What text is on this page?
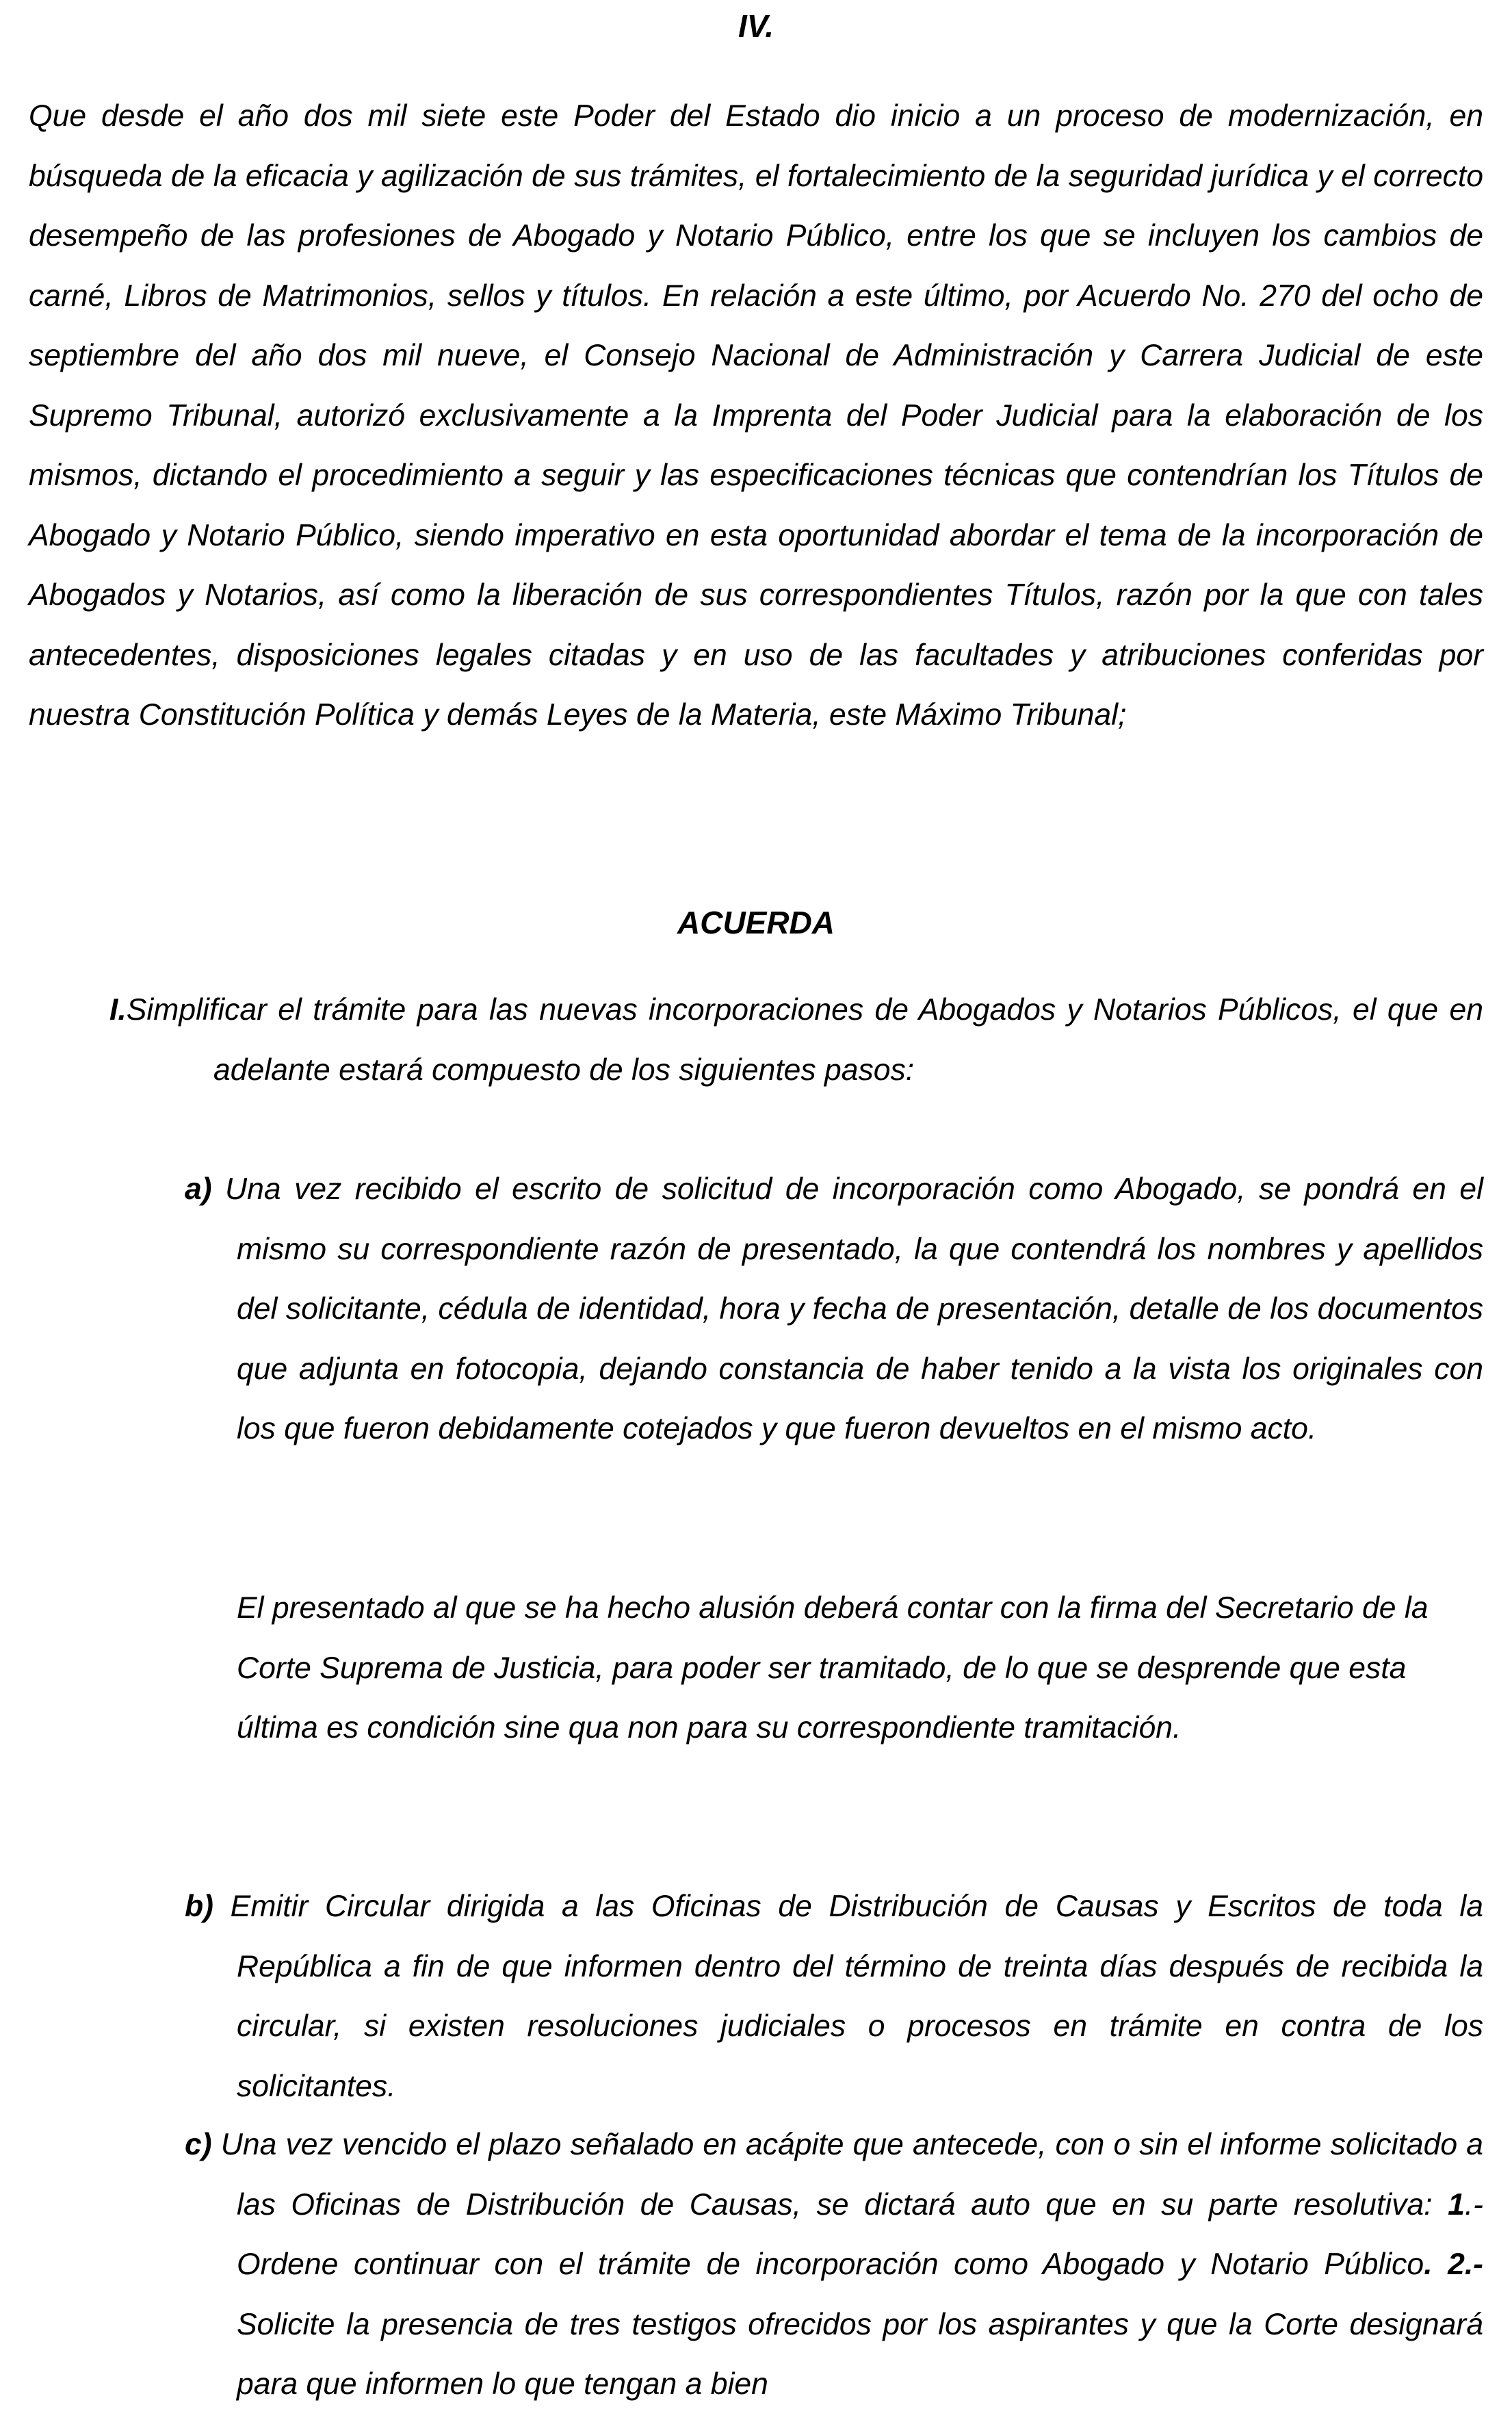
IV.

Que desde el año dos mil siete este Poder del Estado dio inicio a un proceso de modernización, en búsqueda de la eficacia y agilización de sus trámites, el fortalecimiento de la seguridad jurídica y el correcto desempeño de las profesiones de Abogado y Notario Público, entre los que se incluyen los cambios de carné, Libros de Matrimonios, sellos y títulos. En relación a este último, por Acuerdo No. 270 del ocho de septiembre del año dos mil nueve, el Consejo Nacional de Administración y Carrera Judicial de este Supremo Tribunal, autorizó exclusivamente a la Imprenta del Poder Judicial para la elaboración de los mismos, dictando el procedimiento a seguir y las especificaciones técnicas que contendrían los Títulos de Abogado y Notario Público, siendo imperativo en esta oportunidad abordar el tema de la incorporación de Abogados y Notarios, así como la liberación de sus correspondientes Títulos, razón por la que con tales antecedentes, disposiciones legales citadas y en uso de las facultades y atribuciones conferidas por nuestra Constitución Política y demás Leyes de la Materia, este Máximo Tribunal;

ACUERDA

I.Simplificar el trámite para las nuevas incorporaciones de Abogados y Notarios Públicos, el que en adelante estará compuesto de los siguientes pasos:

a) Una vez recibido el escrito de solicitud de incorporación como Abogado, se pondrá en el mismo su correspondiente razón de presentado, la que contendrá los nombres y apellidos del solicitante, cédula de identidad, hora y fecha de presentación, detalle de los documentos que adjunta en fotocopia, dejando constancia de haber tenido a la vista los originales con los que fueron debidamente cotejados y que fueron devueltos en el mismo acto.

El presentado al que se ha hecho alusión deberá contar con la firma del Secretario de la Corte Suprema de Justicia, para poder ser tramitado, de lo que se desprende que esta última es condición sine qua non para su correspondiente tramitación.

b) Emitir Circular dirigida a las Oficinas de Distribución de Causas y Escritos de toda la República a fin de que informen dentro del término de treinta días después de recibida la circular, si existen resoluciones judiciales o procesos en trámite en contra de los solicitantes.

c) Una vez vencido el plazo señalado en acápite que antecede, con o sin el informe solicitado a las Oficinas de Distribución de Causas, se dictará auto que en su parte resolutiva: 1.- Ordene continuar con el trámite de incorporación como Abogado y Notario Público. 2.- Solicite la presencia de tres testigos ofrecidos por los aspirantes y que la Corte designará para que informen lo que tengan a bien
